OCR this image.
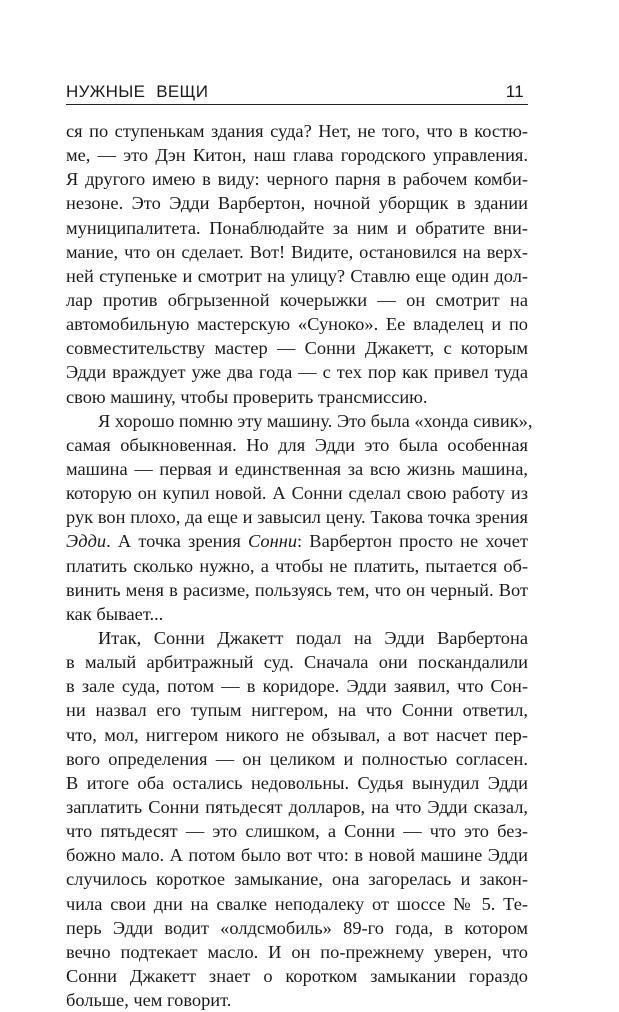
НУЖНЫЕ ВЕЩИ	11
ся по ступенькам здания суда? Нет, не того, что в костю-
ме, — это Дэн Китон, наш глава городского управления.
Я другого имею в виду: черного парня в рабочем комби-
незоне. Это Эдди Варбертон, ночной уборщик в здании
муниципалитета. Понаблюдайте за ним и обратите вни-
мание, что он сделает. Вот! Видите, остановился на верх-
ней ступеньке и смотрит на улицу? Ставлю еще один дол-
лар против обгрызенной кочерыжки — он смотрит на
автомобильную мастерскую «Суноко». Ее владелец и по
совместительству мастер — Сонни Джакетт, с которым
Эдди враждует уже два года — с тех пор как привел туда
свою машину, чтобы проверить трансмиссию.
Я хорошо помню эту машину. Это была «хонда сивик»,
самая обыкновенная. Но для Эдди это была особенная
машина — первая и единственная за всю жизнь машина,
которую он купил новой. А Сонни сделал свою работу из
рук вон плохо, да еще и завысил цену. Такова точка зрения
Эдди. А точка зрения Сонни: Варбертон просто не хочет
платить сколько нужно, а чтобы не платить, пытается об-
винить меня в расизме, пользуясь тем, что он черный. Вот
как бывает...
Итак, Сонни Джакетт подал на Эдди Варбертона
в малый арбитражный суд. Сначала они поскандалили
в зале суда, потом — в коридоре. Эдди заявил, что Сон-
ни назвал его тупым ниггером, на что Сонни ответил,
что, мол, ниггером никого не обзывал, а вот насчет пер-
вого определения — он целиком и полностью согласен.
В итоге оба остались недовольны. Судья вынудил Эдди
заплатить Сонни пятьдесят долларов, на что Эдди сказал,
что пятьдесят — это слишком, а Сонни — что это без-
божно мало. А потом было вот что: в новой машине Эдди
случилось короткое замыкание, она загорелась и закон-
чила свои дни на свалке неподалеку от шоссе № 5. Те-
перь Эдди водит «олдсмобиль» 89-го года, в котором
вечно подтекает масло. И он по-прежнему уверен, что
Сонни Джакетт знает о коротком замыкании гораздо
больше, чем говорит.
